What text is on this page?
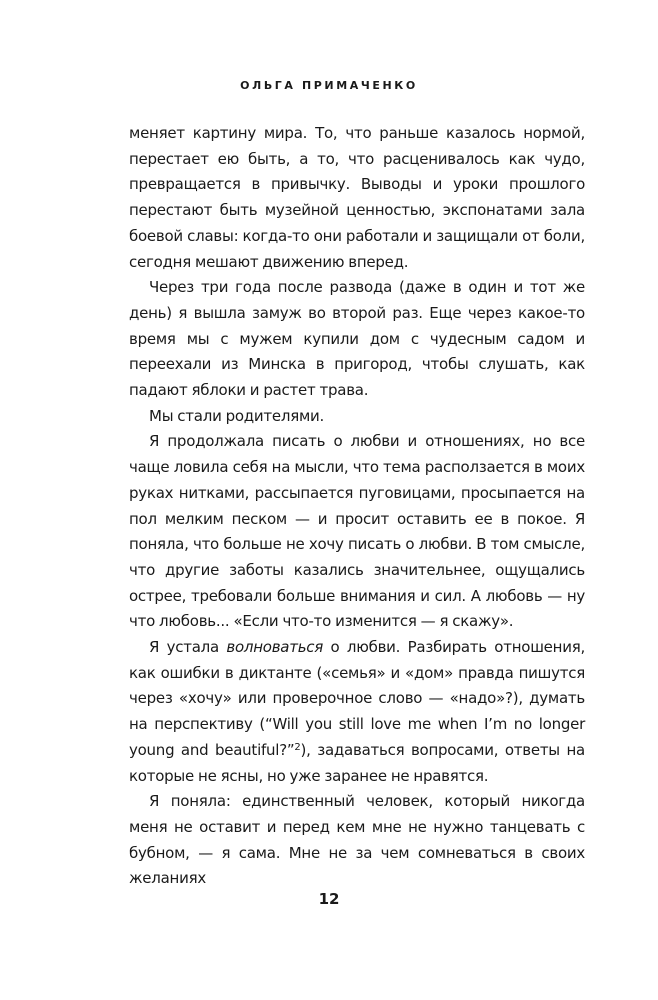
ОЛЬГА ПРИМАЧЕНКО

меняет картину мира. То, что раньше казалось нормой, перестает ею быть, а то, что расценивалось как чудо, превращается в привычку. Выводы и уроки прошлого перестают быть музейной ценностью, экспонатами зала боевой славы: когда-то они работали и защищали от боли, сегодня мешают движению вперед.

Через три года после развода (даже в один и тот же день) я вышла замуж во второй раз. Еще через какое-то время мы с мужем купили дом с чудесным садом и переехали из Минска в пригород, чтобы слушать, как падают яблоки и растет трава.

Мы стали родителями.

Я продолжала писать о любви и отношениях, но все чаще ловила себя на мысли, что тема расползается в моих руках нитками, рассыпается пуговицами, просыпается на пол мелким песком — и просит оставить ее в покое. Я поняла, что больше не хочу писать о любви. В том смысле, что другие заботы казались значительнее, ощущались острее, требовали больше внимания и сил. А любовь — ну что любовь... «Если что-то изменится — я скажу».

Я устала волноваться о любви. Разбирать отношения, как ошибки в диктанте («семья» и «дом» правда пишутся через «хочу» или проверочное слово — «надо»?), думать на перспективу (“Will you still love me when I’m no longer young and beautiful?”$^2$), задаваться вопросами, ответы на которые не ясны, но уже заранее не нравятся.

Я поняла: единственный человек, который никогда меня не оставит и перед кем мне не нужно танцевать с бубном, — я сама. Мне не за чем сомневаться в своих желаниях

12
